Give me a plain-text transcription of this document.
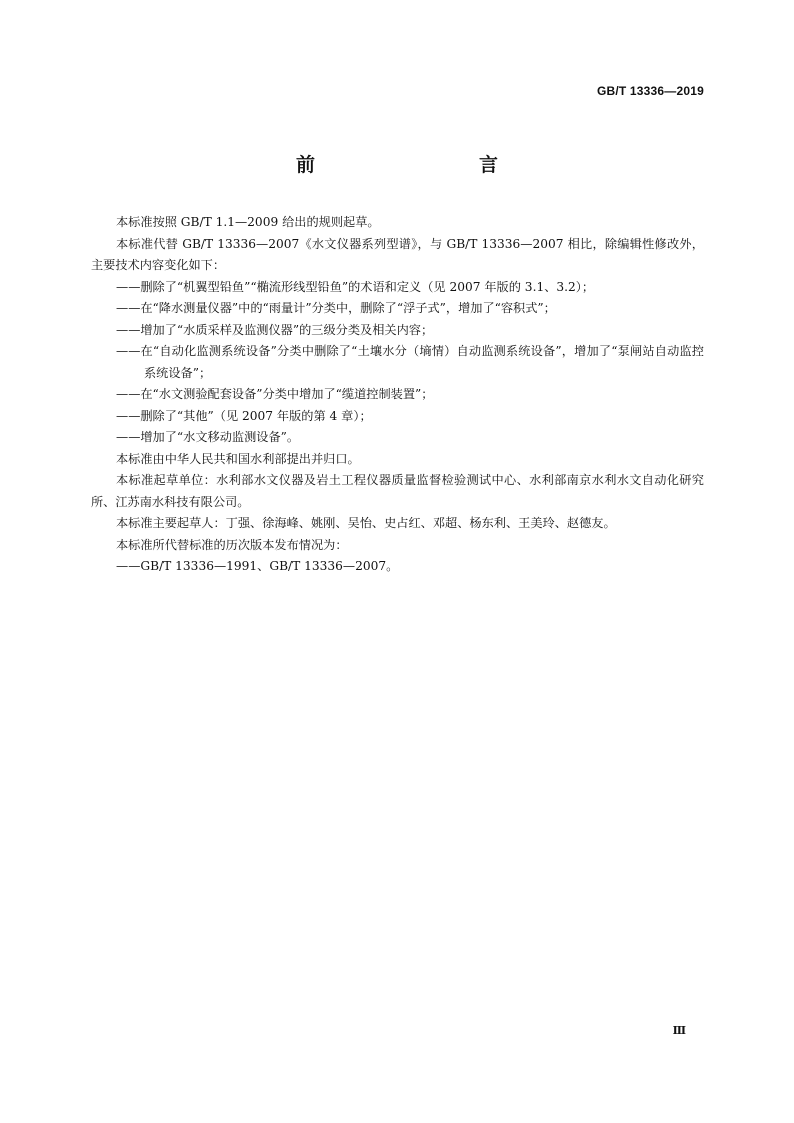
GB/T 13336—2019
前　　言

本标准按照 GB/T 1.1—2009 给出的规则起草。

本标准代替 GB/T 13336—2007《水文仪器系列型谱》，与 GB/T 13336—2007 相比，除编辑性修改外，主要技术内容变化如下：

——删除了“机翼型铅鱼”“椭流形线型铅鱼”的术语和定义（见 2007 年版的 3.1、3.2）；

——在“降水测量仪器”中的“雨量计”分类中，删除了“浮子式”，增加了“容积式”；

——增加了“水质采样及监测仪器”的三级分类及相关内容；

——在“自动化监测系统设备”分类中删除了“土壤水分（墒情）自动监测系统设备”，增加了“泵闸站自动监控系统设备”；

——在“水文测验配套设备”分类中增加了“缆道控制装置”；

——删除了“其他”（见 2007 年版的第 4 章）；

——增加了“水文移动监测设备”。

本标准由中华人民共和国水利部提出并归口。

本标准起草单位：水利部水文仪器及岩土工程仪器质量监督检验测试中心、水利部南京水利水文自动化研究所、江苏南水科技有限公司。

本标准主要起草人：丁强、徐海峰、姚刚、吴怡、史占红、邓超、杨东利、王美玲、赵德友。

本标准所代替标准的历次版本发布情况为：

——GB/T 13336—1991、GB/T 13336—2007。

Ⅲ
